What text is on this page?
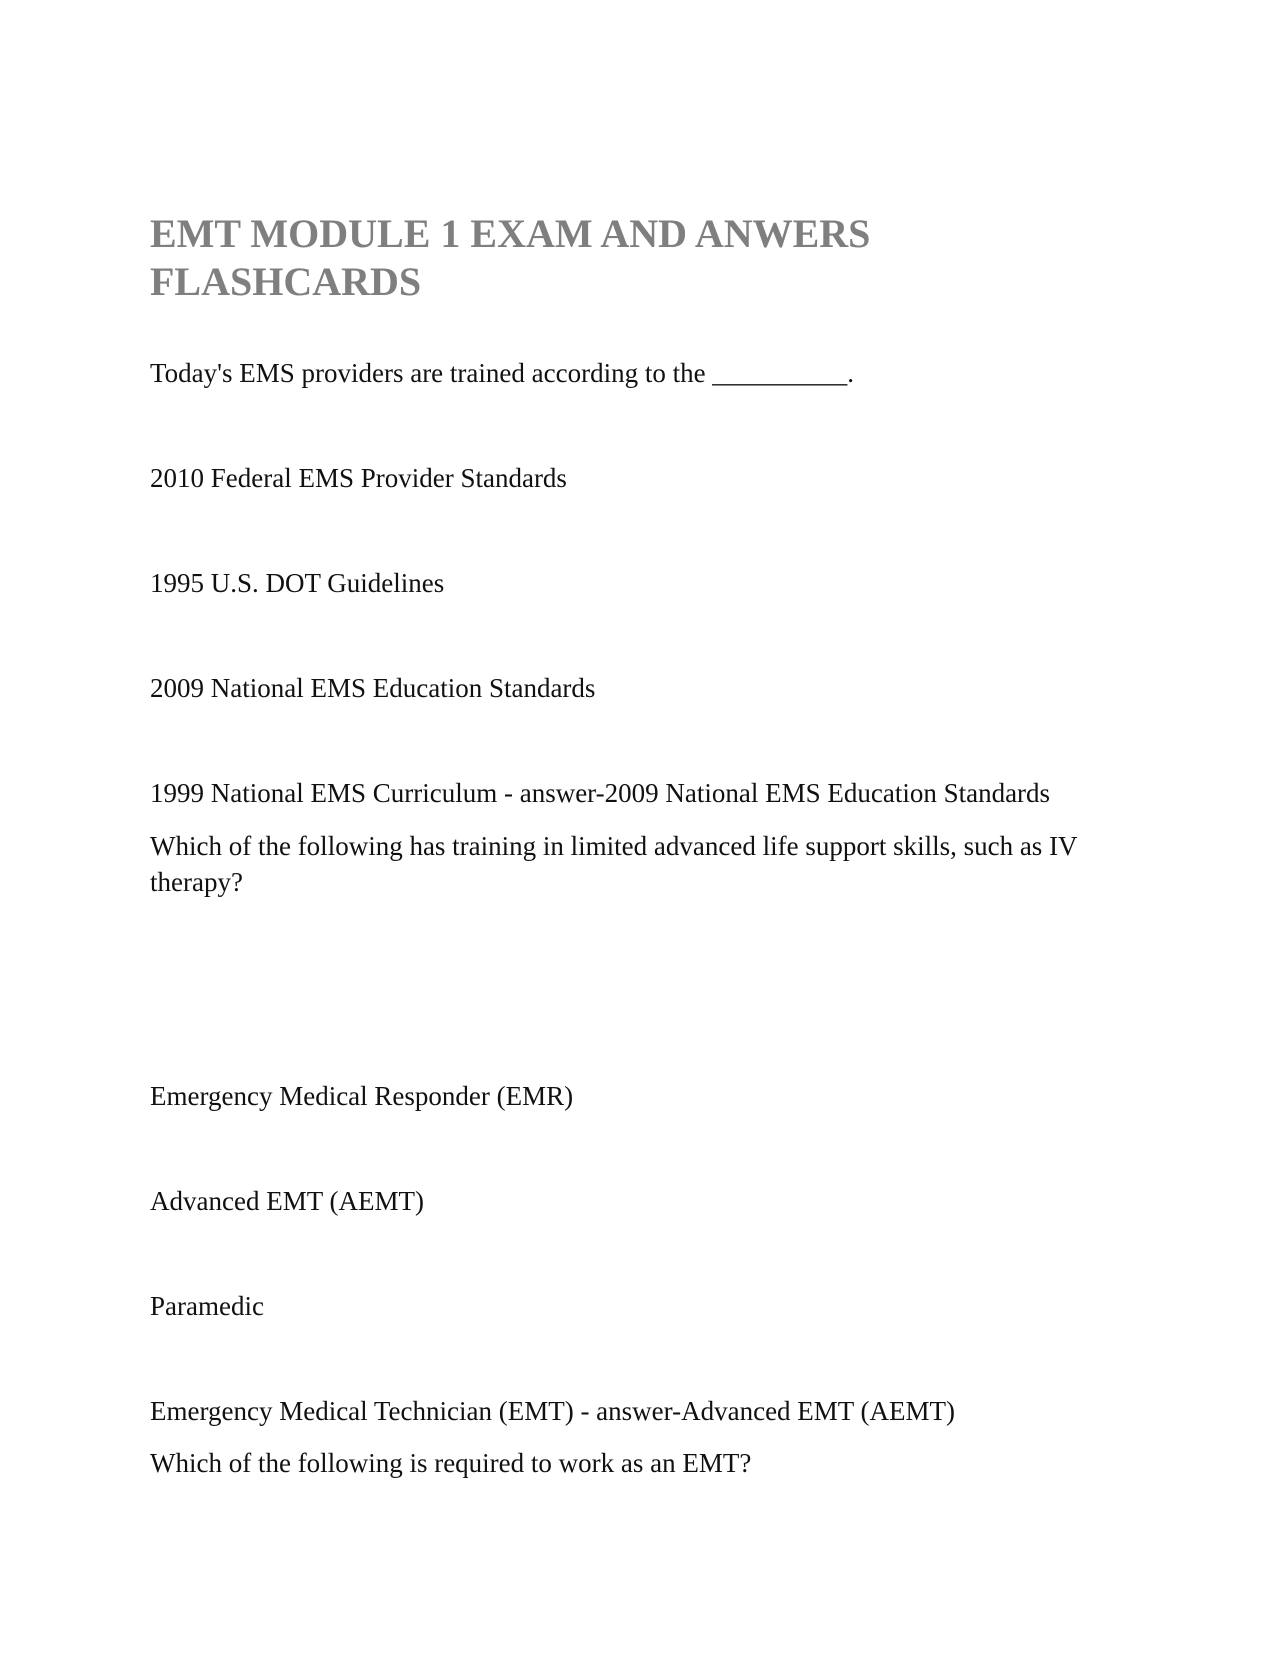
EMT MODULE 1 EXAM AND ANWERS FLASHCARDS

Today's EMS providers are trained according to the __________.

2010 Federal EMS Provider Standards

1995 U.S. DOT Guidelines

2009 National EMS Education Standards

1999 National EMS Curriculum - answer-2009 National EMS Education Standards

Which of the following has training in limited advanced life support skills, such as IV therapy?

Emergency Medical Responder (EMR)

Advanced EMT (AEMT)

Paramedic

Emergency Medical Technician (EMT) - answer-Advanced EMT (AEMT)

Which of the following is required to work as an EMT?
